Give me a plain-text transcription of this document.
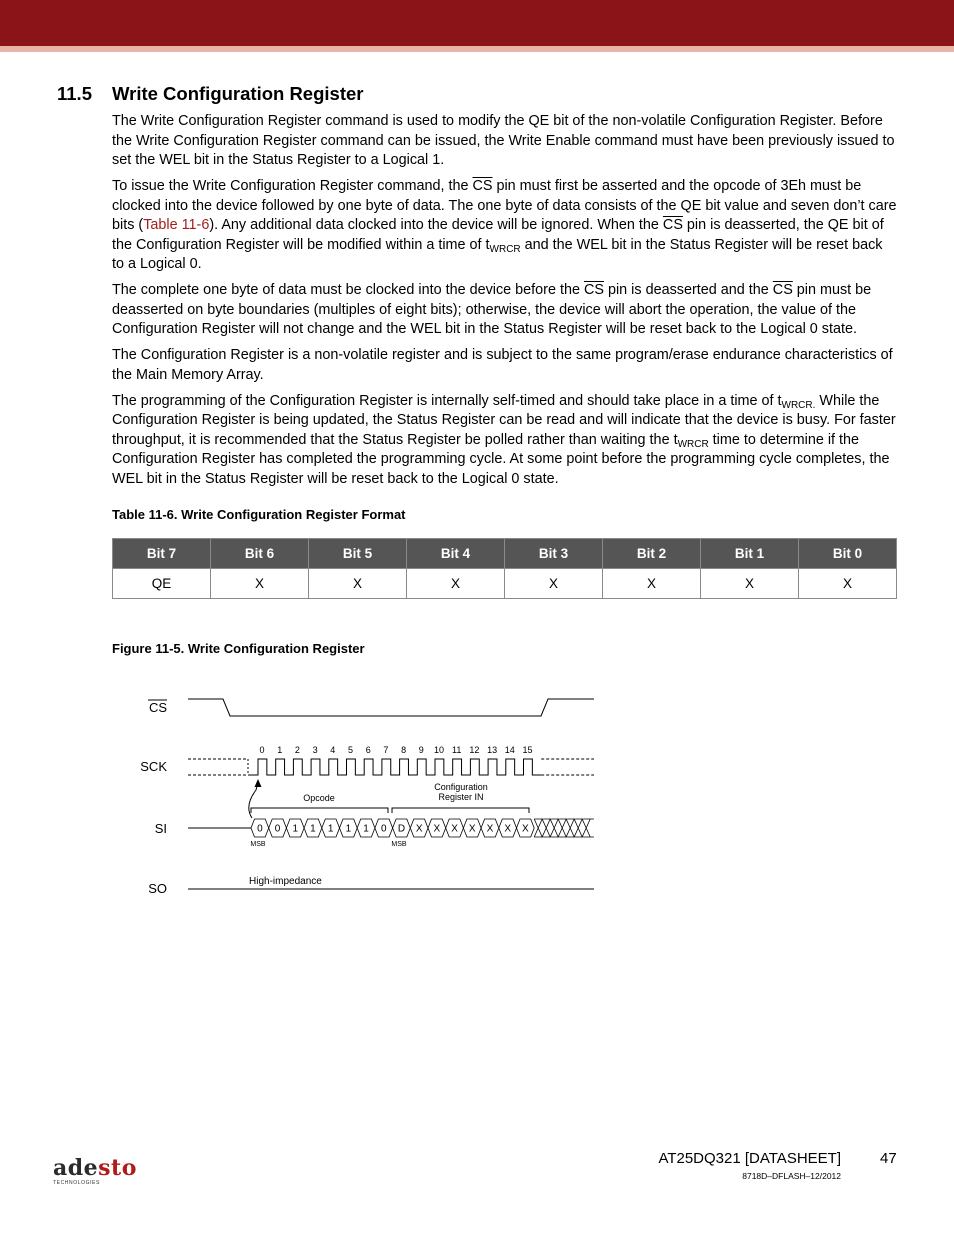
11.5 Write Configuration Register

The Write Configuration Register command is used to modify the QE bit of the non-volatile Configuration Register. Before the Write Configuration Register command can be issued, the Write Enable command must have been previously issued to set the WEL bit in the Status Register to a Logical 1.

To issue the Write Configuration Register command, the $\overline{CS}$ pin must first be asserted and the opcode of 3Eh must be clocked into the device followed by one byte of data. The one byte of data consists of the QE bit value and seven don’t care bits (Table 11-6). Any additional data clocked into the device will be ignored. When the $\overline{CS}$ pin is deasserted, the QE bit of the Configuration Register will be modified within a time of $t_{WRCR}$ and the WEL bit in the Status Register will be reset back to a Logical 0.

The complete one byte of data must be clocked into the device before the $\overline{CS}$ pin is deasserted and the $\overline{CS}$ pin must be deasserted on byte boundaries (multiples of eight bits); otherwise, the device will abort the operation, the value of the Configuration Register will not change and the WEL bit in the Status Register will be reset back to the Logical 0 state.

The Configuration Register is a non-volatile register and is subject to the same program/erase endurance characteristics of the Main Memory Array.

The programming of the Configuration Register is internally self-timed and should take place in a time of $t_{WRCR.}$ While the Configuration Register is being updated, the Status Register can be read and will indicate that the device is busy. For faster throughput, it is recommended that the Status Register be polled rather than waiting the $t_{WRCR}$ time to determine if the Configuration Register has completed the programming cycle. At some point before the programming cycle completes, the WEL bit in the Status Register will be reset back to the Logical 0 state.

Table 11-6. Write Configuration Register Format
Bit 7	Bit 6	Bit 5	Bit 4	Bit 3	Bit 2	Bit 1	Bit 0
QE	X	X	X	X	X	X	X
Figure 11-5. Write Configuration Register
CS
SCK
SI
SO
0 1 2 3 4 5 6 7 8 9 10 11 12 13 14 15
Opcode
Configuration
Register IN
0 0 1 1 1 1 1 0 D X X X X X X X
MSB	MSB
High-impedance
adesto
TECHNOLOGIES
AT25DQ321 [DATASHEET]	47
8718D–DFLASH–12/2012
